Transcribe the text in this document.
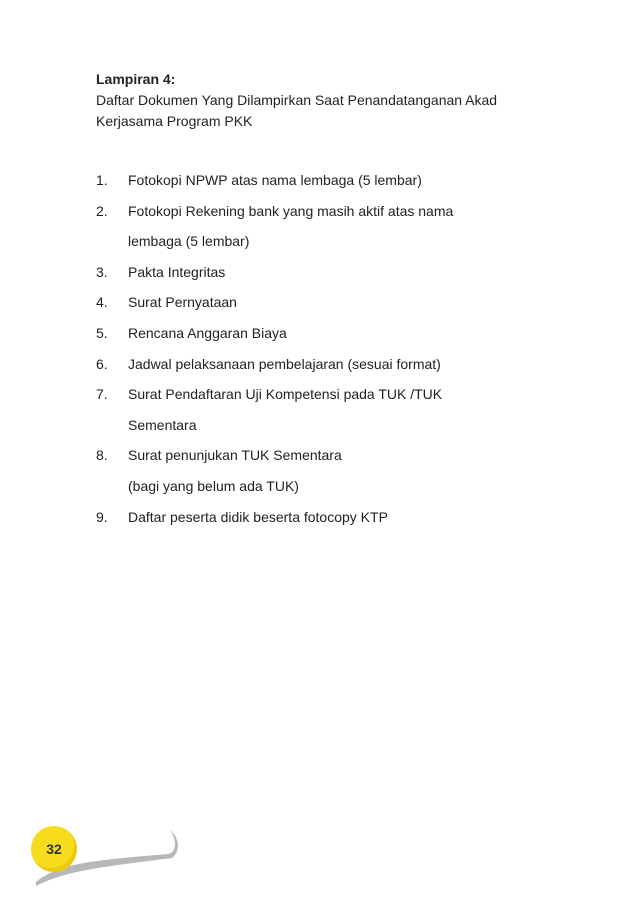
Lampiran 4:
Daftar Dokumen Yang Dilampirkan Saat Penandatanganan Akad
Kerjasama Program PKK
1.	Fotokopi NPWP atas nama lembaga (5 lembar)
2.	Fotokopi Rekening bank yang masih aktif atas nama
lembaga (5 lembar)
3.	Pakta Integritas
4.	Surat Pernyataan
5.	Rencana Anggaran Biaya
6.	Jadwal pelaksanaan pembelajaran (sesuai format)
7.	Surat Pendaftaran Uji Kompetensi pada TUK /TUK
Sementara
8.	Surat penunjukan TUK Sementara
(bagi yang belum ada TUK)
9.	Daftar peserta didik beserta fotocopy KTP
32
